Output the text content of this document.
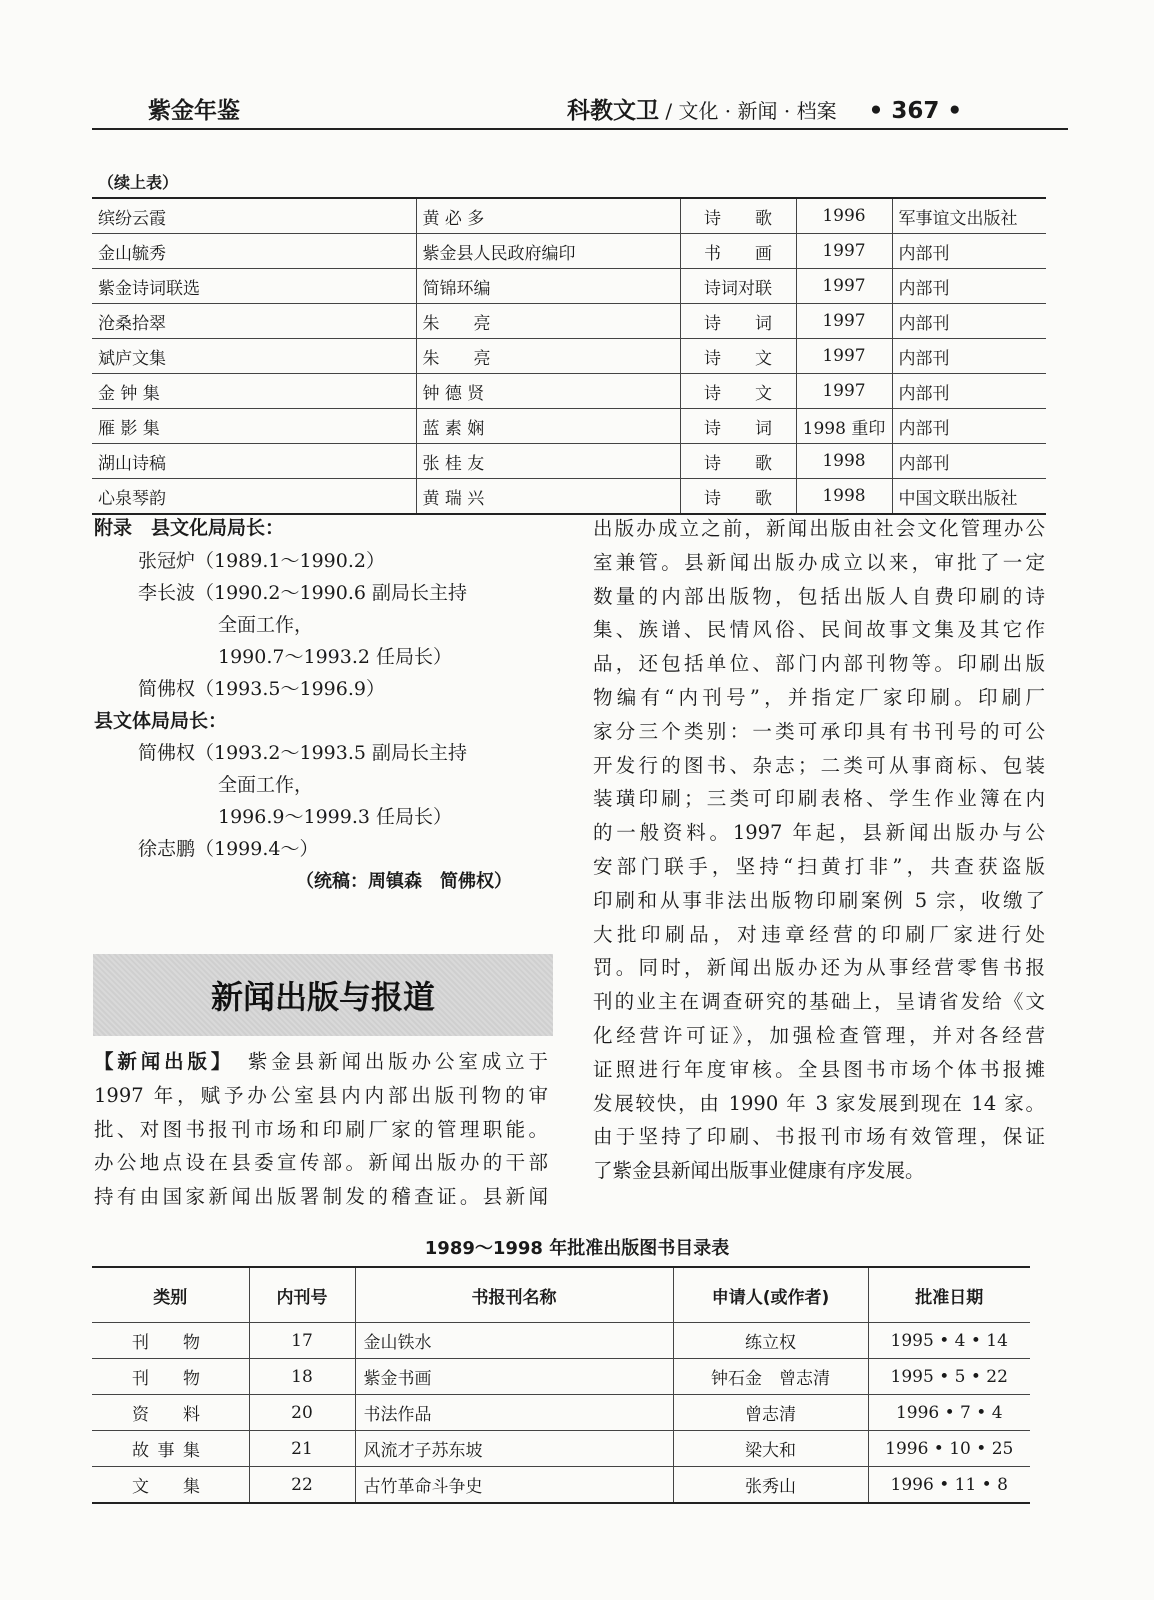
紫金年鉴	科教文卫 / 文化 · 新闻 · 档案 • 367 •
（续上表）
缤纷云霞	黄 必 多	诗　　歌	1996	军事谊文出版社
金山毓秀	紫金县人民政府编印	书　　画	1997	内部刊
紫金诗词联选	简锦环编	诗词对联	1997	内部刊
沧桑拾翠	朱　　亮	诗　　词	1997	内部刊
斌庐文集	朱　　亮	诗　　文	1997	内部刊
金 钟 集	钟 德 贤	诗　　文	1997	内部刊
雁 影 集	蓝 素 娴	诗　　词	1998 重印	内部刊
湖山诗稿	张 桂 友	诗　　歌	1998	内部刊
心泉琴韵	黄 瑞 兴	诗　　歌	1998	中国文联出版社
附录　 县文化局局长：
张冠炉（1989.1～1990.2）
李长波（1990.2～1990.6 副局长主持
全面工作，
1990.7～1993.2 任局长）
简佛权（1993.5～1996.9）
县文体局局长：
简佛权（1993.2～1993.5 副局长主持
全面工作，
1996.9～1999.3 任局长）
徐志鹏（1999.4～）
（统稿：周镇森　简佛权）
新闻出版与报道
【新闻出版】　 紫金县新闻出版办公室成立于
1997 年，赋予办公室县内内部出版刊物的审
批、对图书报刊市场和印刷厂家的管理职能。
办公地点设在县委宣传部。新闻出版办的干部
持有由国家新闻出版署制发的稽查证。县新闻
出版办成立之前，新闻出版由社会文化管理办公
室兼管。县新闻出版办成立以来，审批了一定
数量的内部出版物，包括出版人自费印刷的诗
集、族谱、民情风俗、民间故事文集及其它作
品，还包括单位、部门内部刊物等。印刷出版
物编有“内刊号”，并指定厂家印刷。印刷厂
家分三个类别：一类可承印具有书刊号的可公
开发行的图书、杂志；二类可从事商标、包装
装璜印刷；三类可印刷表格、学生作业簿在内
的一般资料。1997 年起，县新闻出版办与公
安部门联手，坚持“扫黄打非”，共查获盗版
印刷和从事非法出版物印刷案例 5 宗，收缴了
大批印刷品，对违章经营的印刷厂家进行处
罚。同时，新闻出版办还为从事经营零售书报
刊的业主在调查研究的基础上，呈请省发给《文
化经营许可证》，加强检查管理，并对各经营
证照进行年度审核。全县图书市场个体书报摊
发展较快，由 1990 年 3 家发展到现在 14 家。
由于坚持了印刷、书报刊市场有效管理，保证
了紫金县新闻出版事业健康有序发展。
1989～1998 年批准出版图书目录表
类别	内刊号	书报刊名称	申请人(或作者)	批准日期
刊　物	17	金山铁水	练立权	1995 • 4 • 14
刊　物	18	紫金书画	钟石金　曾志清	1995 • 5 • 22
资　料	20	书法作品	曾志清	1996 • 7 • 4
故事集	21	风流才子苏东坡	梁大和	1996 • 10 • 25
文　集	22	古竹革命斗争史	张秀山	1996 • 11 • 8
